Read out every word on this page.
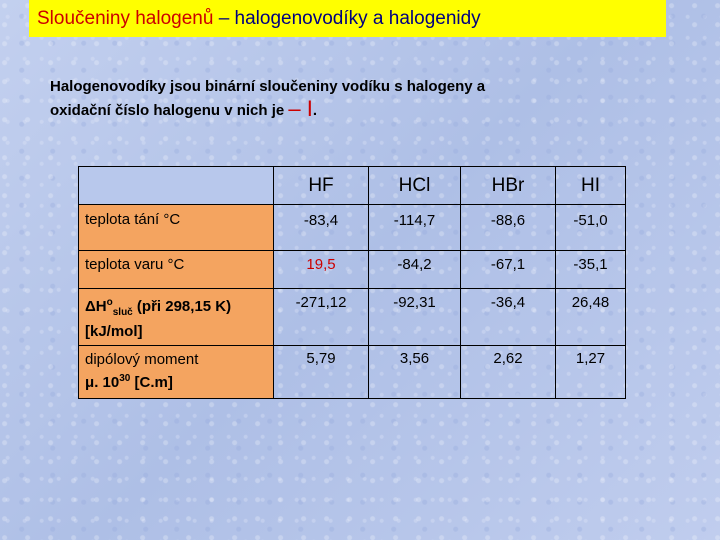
Sloučeniny halogenů – halogenovodíky a halogenidy
Halogenovodíky jsou binární sloučeniny vodíku s halogeny a
oxidační číslo halogenu v nich je – I.
	HF	HCl	HBr	HI
teplota tání °C	-83,4	-114,7	-88,6	-51,0
teplota varu °C	19,5	-84,2	-67,1	-35,1
$\Delta H^o_{sluč}$ (při 298,15 K)
[kJ/mol]	-271,12	-92,31	-36,4	26,48
dipólový moment
μ. $10^{30}$ [C.m]	5,79	3,56	2,62	1,27
